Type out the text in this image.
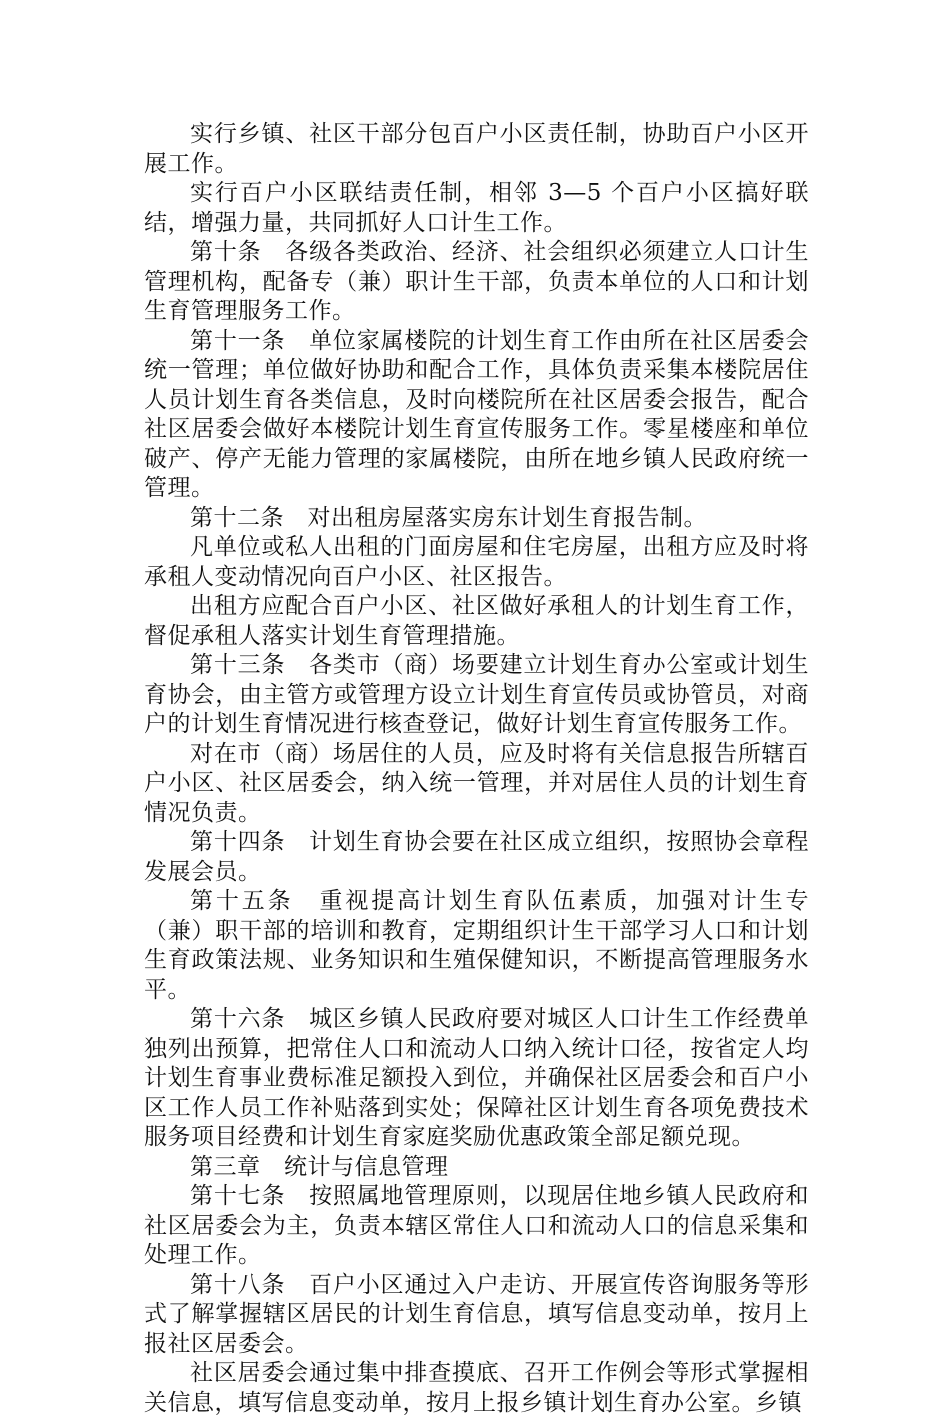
实行乡镇、社区干部分包百户小区责任制，协助百户小区开展工作。

实行百户小区联结责任制，相邻 3—5 个百户小区搞好联结，增强力量，共同抓好人口计生工作。

第十条　各级各类政治、经济、社会组织必须建立人口计生管理机构，配备专（兼）职计生干部，负责本单位的人口和计划生育管理服务工作。

第十一条　单位家属楼院的计划生育工作由所在社区居委会统一管理；单位做好协助和配合工作，具体负责采集本楼院居住人员计划生育各类信息，及时向楼院所在社区居委会报告，配合社区居委会做好本楼院计划生育宣传服务工作。零星楼座和单位破产、停产无能力管理的家属楼院，由所在地乡镇人民政府统一管理。

第十二条　对出租房屋落实房东计划生育报告制。

凡单位或私人出租的门面房屋和住宅房屋，出租方应及时将承租人变动情况向百户小区、社区报告。

出租方应配合百户小区、社区做好承租人的计划生育工作，督促承租人落实计划生育管理措施。

第十三条　各类市（商）场要建立计划生育办公室或计划生育协会，由主管方或管理方设立计划生育宣传员或协管员，对商户的计划生育情况进行核查登记，做好计划生育宣传服务工作。

对在市（商）场居住的人员，应及时将有关信息报告所辖百户小区、社区居委会，纳入统一管理，并对居住人员的计划生育情况负责。

第十四条　计划生育协会要在社区成立组织，按照协会章程发展会员。

第十五条　重视提高计划生育队伍素质，加强对计生专（兼）职干部的培训和教育，定期组织计生干部学习人口和计划生育政策法规、业务知识和生殖保健知识，不断提高管理服务水平。

第十六条　城区乡镇人民政府要对城区人口计生工作经费单独列出预算，把常住人口和流动人口纳入统计口径，按省定人均计划生育事业费标准足额投入到位，并确保社区居委会和百户小区工作人员工作补贴落到实处；保障社区计划生育各项免费技术服务项目经费和计划生育家庭奖励优惠政策全部足额兑现。

第三章　统计与信息管理

第十七条　按照属地管理原则，以现居住地乡镇人民政府和社区居委会为主，负责本辖区常住人口和流动人口的信息采集和处理工作。

第十八条　百户小区通过入户走访、开展宣传咨询服务等形式了解掌握辖区居民的计划生育信息，填写信息变动单，按月上报社区居委会。

社区居委会通过集中排查摸底、召开工作例会等形式掌握相关信息，填写信息变动单，按月上报乡镇计划生育办公室。乡镇
